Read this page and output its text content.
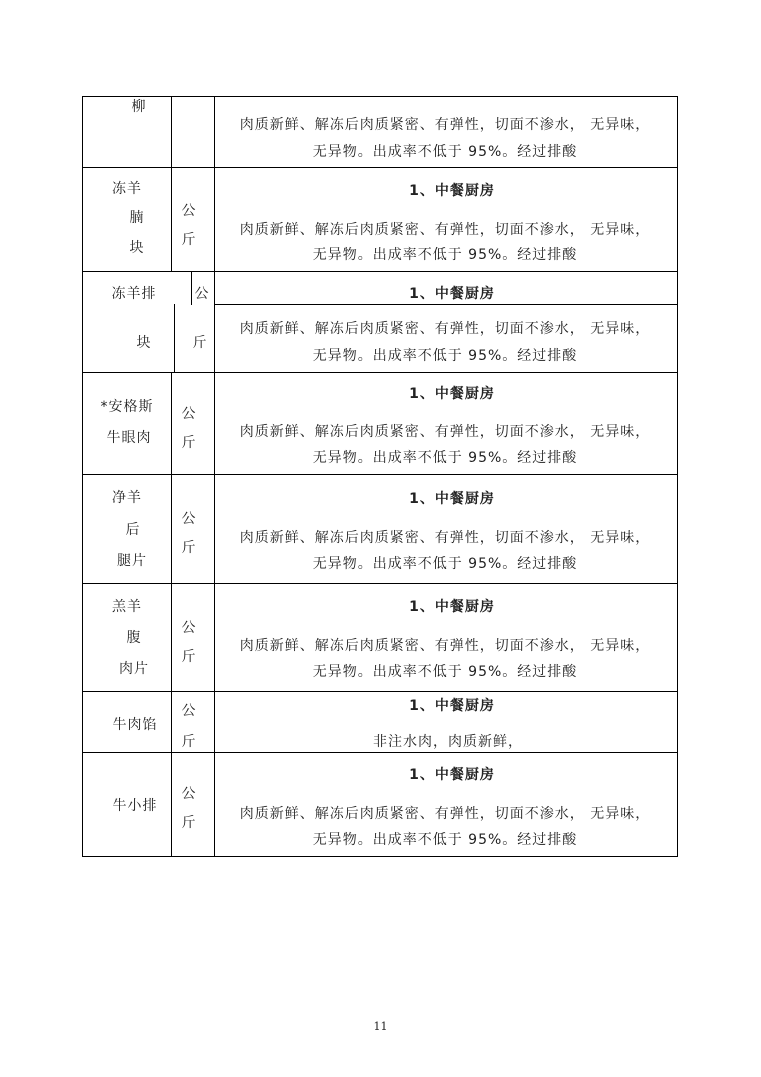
柳
肉质新鲜、解冻后肉质紧密、有弹性，切面不渗水， 无异味，
无异物。出成率不低于 95%。经过排酸
冻羊
腩
块
公
斤
1、中餐厨房
肉质新鲜、解冻后肉质紧密、有弹性，切面不渗水， 无异味，
无异物。出成率不低于 95%。经过排酸
冻羊排
块
公
斤
1、中餐厨房
肉质新鲜、解冻后肉质紧密、有弹性，切面不渗水， 无异味，
无异物。出成率不低于 95%。经过排酸
*安格斯
牛眼肉
公
斤
1、中餐厨房
肉质新鲜、解冻后肉质紧密、有弹性，切面不渗水， 无异味，
无异物。出成率不低于 95%。经过排酸
净羊
后
腿片
公
斤
1、中餐厨房
肉质新鲜、解冻后肉质紧密、有弹性，切面不渗水， 无异味，
无异物。出成率不低于 95%。经过排酸
羔羊
腹
肉片
公
斤
1、中餐厨房
肉质新鲜、解冻后肉质紧密、有弹性，切面不渗水， 无异味，
无异物。出成率不低于 95%。经过排酸
牛肉馅
公
斤
1、中餐厨房
非注水肉，肉质新鲜，
牛小排
公
斤
1、中餐厨房
肉质新鲜、解冻后肉质紧密、有弹性，切面不渗水， 无异味，
无异物。出成率不低于 95%。经过排酸
11
